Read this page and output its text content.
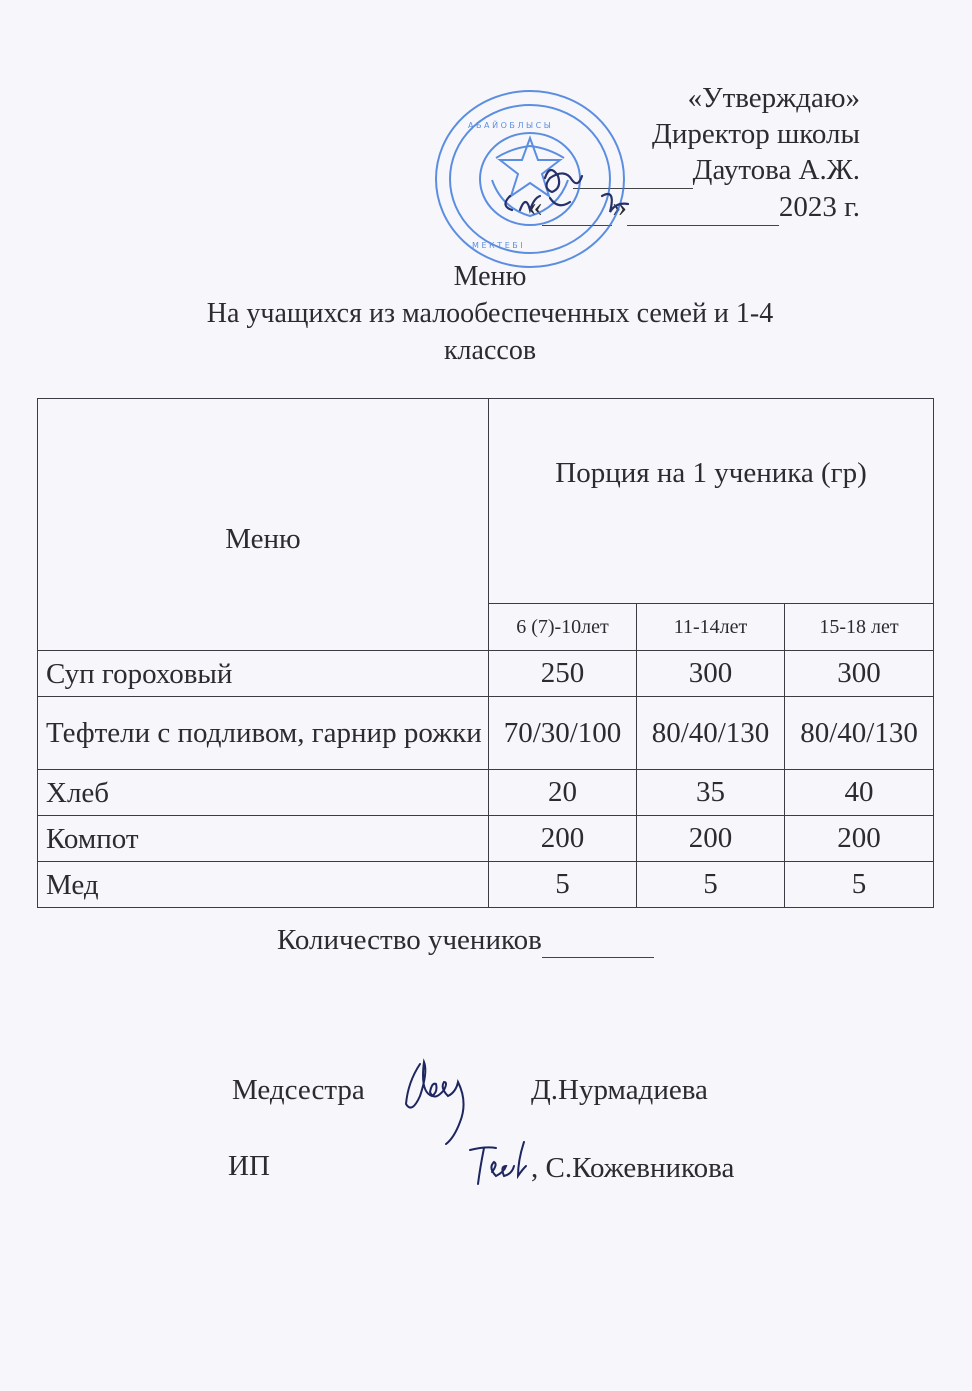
«Утверждаю»
Директор школы
Даутова А.Ж.
« »	2023 г.
А Б А Й О Б Л Ы С Ы
М Е К Т Е Б І
Меню
На учащихся из малообеспеченных семей и 1-4
классов
Меню	Порция на 1 ученика (гр)		
	6 (7)-10лет	11-14лет	15-18 лет
Суп гороховый	250	300	300
Тефтели с подливом, гарнир рожки	70/30/100	80/40/130	80/40/130
Хлеб	20	35	40
Компот	200	200	200
Мед	5	5	5
Количество учеников
Медсестра	Д.Нурмадиева
ИП	, С.Кожевникова
